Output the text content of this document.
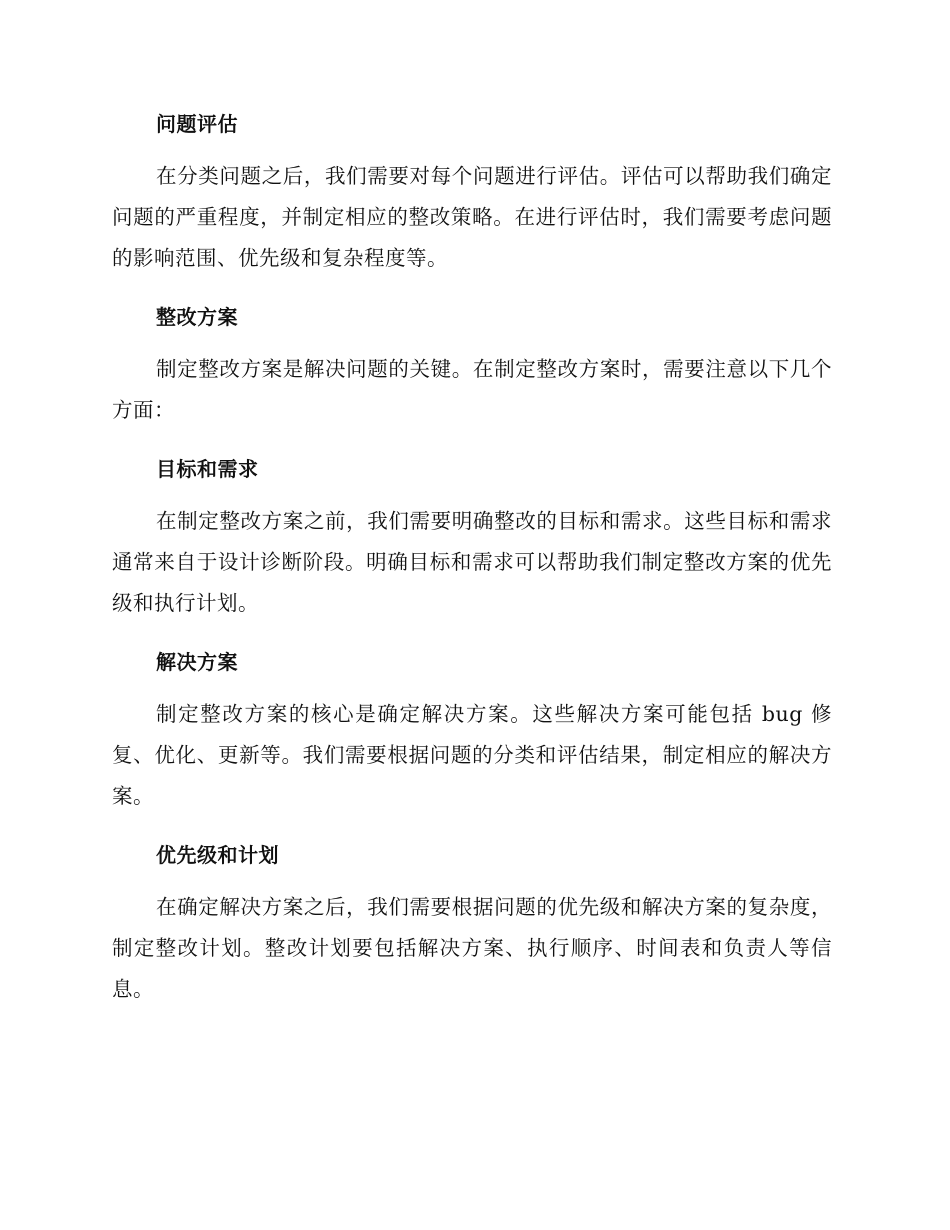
问题评估

在分类问题之后，我们需要对每个问题进行评估。评估可以帮助我们确定问题的严重程度，并制定相应的整改策略。在进行评估时，我们需要考虑问题的影响范围、优先级和复杂程度等。

整改方案

制定整改方案是解决问题的关键。在制定整改方案时，需要注意以下几个方面：

目标和需求

在制定整改方案之前，我们需要明确整改的目标和需求。这些目标和需求通常来自于设计诊断阶段。明确目标和需求可以帮助我们制定整改方案的优先级和执行计划。

解决方案

制定整改方案的核心是确定解决方案。这些解决方案可能包括 bug 修复、优化、更新等。我们需要根据问题的分类和评估结果，制定相应的解决方案。

优先级和计划

在确定解决方案之后，我们需要根据问题的优先级和解决方案的复杂度，制定整改计划。整改计划要包括解决方案、执行顺序、时间表和负责人等信息。
